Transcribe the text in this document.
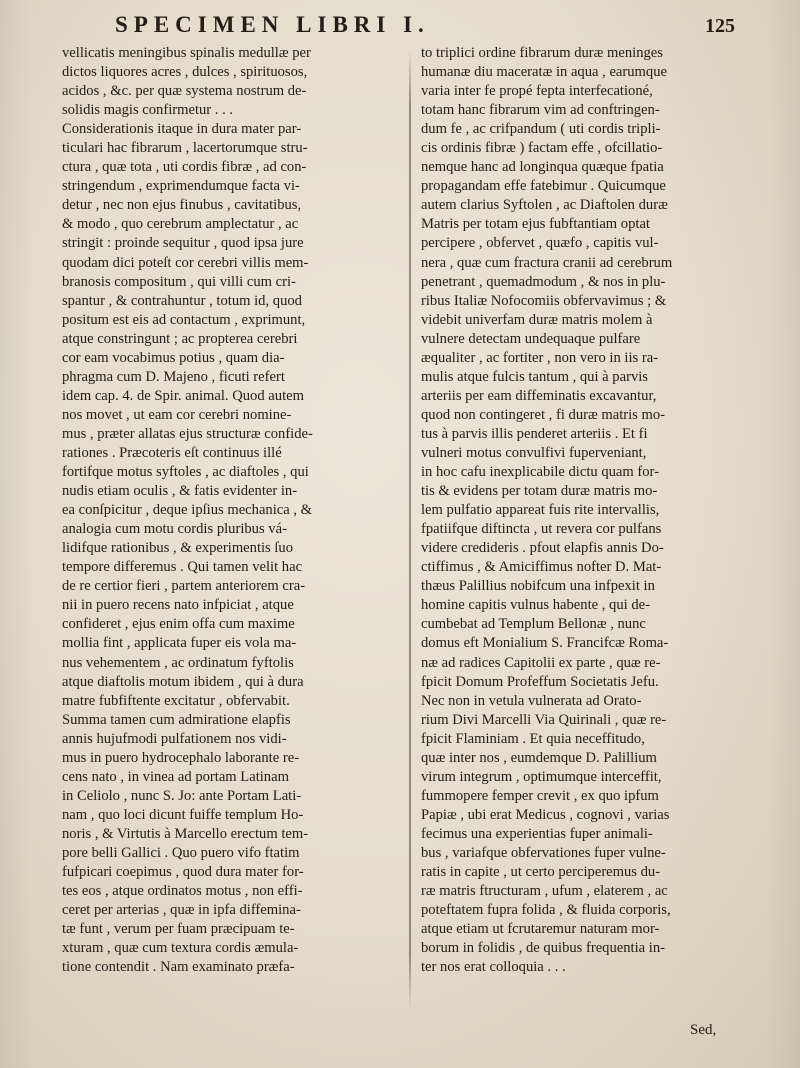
SPECIMEN LIBRI I.	125
vellicatis meningibus spinalis medullæ per
dictos liquores acres , dulces , spirituosos,
acidos , &c. per quæ systema nostrum de-
solidis magis confirmetur . . .
Considerationis itaque in dura mater par-
ticulari hac fibrarum , lacertorumque stru-
ctura , quæ tota , uti cordis fibræ , ad con-
stringendum , exprimendumque facta vi-
detur , nec non ejus finubus , cavitatibus,
& modo , quo cerebrum amplectatur , ac
stringit : proinde sequitur , quod ipsa jure
quodam dici poteſt cor cerebri villis mem-
branosis compositum , qui villi cum cri-
spantur , & contrahuntur , totum id, quod
positum est eis ad contactum , exprimunt,
atque constringunt ; ac propterea cerebri
cor eam vocabimus potius , quam dia-
phragma cum D. Majeno , ficuti refert
idem cap. 4. de Spir. animal. Quod autem
nos movet , ut eam cor cerebri nomine-
mus , præter allatas ejus structuræ confide-
rationes . Præcoteris eſt continuus illé
fortifque motus syftoles , ac diaftoles , qui
nudis etiam oculis , & fatis evidenter in-
ea conſpicitur , deque ipſius mechanica , &
analogia cum motu cordis pluribus vá-
lidifque rationibus , & experimentis ſuo
tempore differemus . Qui tamen velit hac
de re certior fieri , partem anteriorem cra-
nii in puero recens nato infpiciat , atque
confideret , ejus enim offa cum maxime
mollia fint , applicata fuper eis vola ma-
nus vehementem , ac ordinatum fyftolis
atque diaftolis motum ibidem , qui à dura
matre fubfiftente excitatur , obfervabit.
Summa tamen cum admiratione elapfis
annis hujufmodi pulfationem nos vidi-
mus in puero hydrocephalo laborante re-
cens nato , in vinea ad portam Latinam
in Celiolo , nunc S. Jo: ante Portam Lati-
nam , quo loci dicunt fuiffe templum Ho-
noris , & Virtutis à Marcello erectum tem-
pore belli Gallici . Quo puero vifo ftatim
fufpicari coepimus , quod dura mater for-
tes eos , atque ordinatos motus , non effi-
ceret per arterias , quæ in ipfa diffemina-
tæ funt , verum per fuam præcipuam te-
xturam , quæ cum textura cordis æmula-
tione contendit . Nam examinato præfa-
to triplici ordine fibrarum duræ meninges
humanæ diu maceratæ in aqua , earumque
varia inter fe propé fepta interfecationé,
totam hanc fibrarum vim ad conftringen-
dum fe , ac crifpandum ( uti cordis tripli-
cis ordinis fibræ ) factam effe , ofcillatio-
nemque hanc ad longinqua quæque fpatia
propagandam effe fatebimur . Quicumque
autem clarius Syftolen , ac Diaftolen duræ
Matris per totam ejus fubftantiam optat
percipere , obfervet , quæfo , capitis vul-
nera , quæ cum fractura cranii ad cerebrum
penetrant , quemadmodum , & nos in plu-
ribus Italiæ Nofocomiis obfervavimus ; &
videbit univerfam duræ matris molem à
vulnere detectam undequaque pulfare
æqualiter , ac fortiter , non vero in iis ra-
mulis atque fulcis tantum , qui à parvis
arteriis per eam diffeminatis excavantur,
quod non contingeret , fi duræ matris mo-
tus à parvis illis penderet arteriis . Et fi
vulneri motus convulfivi fuperveniant,
in hoc cafu inexplicabile dictu quam for-
tis & evidens per totam duræ matris mo-
lem pulfatio appareat fuis rite intervallis,
fpatiifque diftincta , ut revera cor pulfans
videre credideris . pfout elapfis annis Do-
ctiffimus , & Amiciffimus nofter D. Mat-
thæus Palillius nobifcum una infpexit in
homine capitis vulnus habente , qui de-
cumbebat ad Templum Bellonæ , nunc
domus eft Monialium S. Francifcæ Roma-
næ ad radices Capitolii ex parte , quæ re-
fpicit Domum Profeffum Societatis Jefu.
Nec non in vetula vulnerata ad Orato-
rium Divi Marcelli Via Quirinali , quæ re-
fpicit Flaminiam . Et quia neceffitudo,
quæ inter nos , eumdemque D. Palillium
virum integrum , optimumque interceffit,
fummopere femper crevit , ex quo ipfum
Papiæ , ubi erat Medicus , cognovi , varias
fecimus una experientias fuper animali-
bus , variafque obfervationes fuper vulne-
ratis in capite , ut certo perciperemus du-
ræ matris ftructuram , ufum , elaterem , ac
poteftatem fupra folida , & fluida corporis,
atque etiam ut fcrutaremur naturam mor-
borum in folidis , de quibus frequentia in-
ter nos erat colloquia . . .
Sed,
